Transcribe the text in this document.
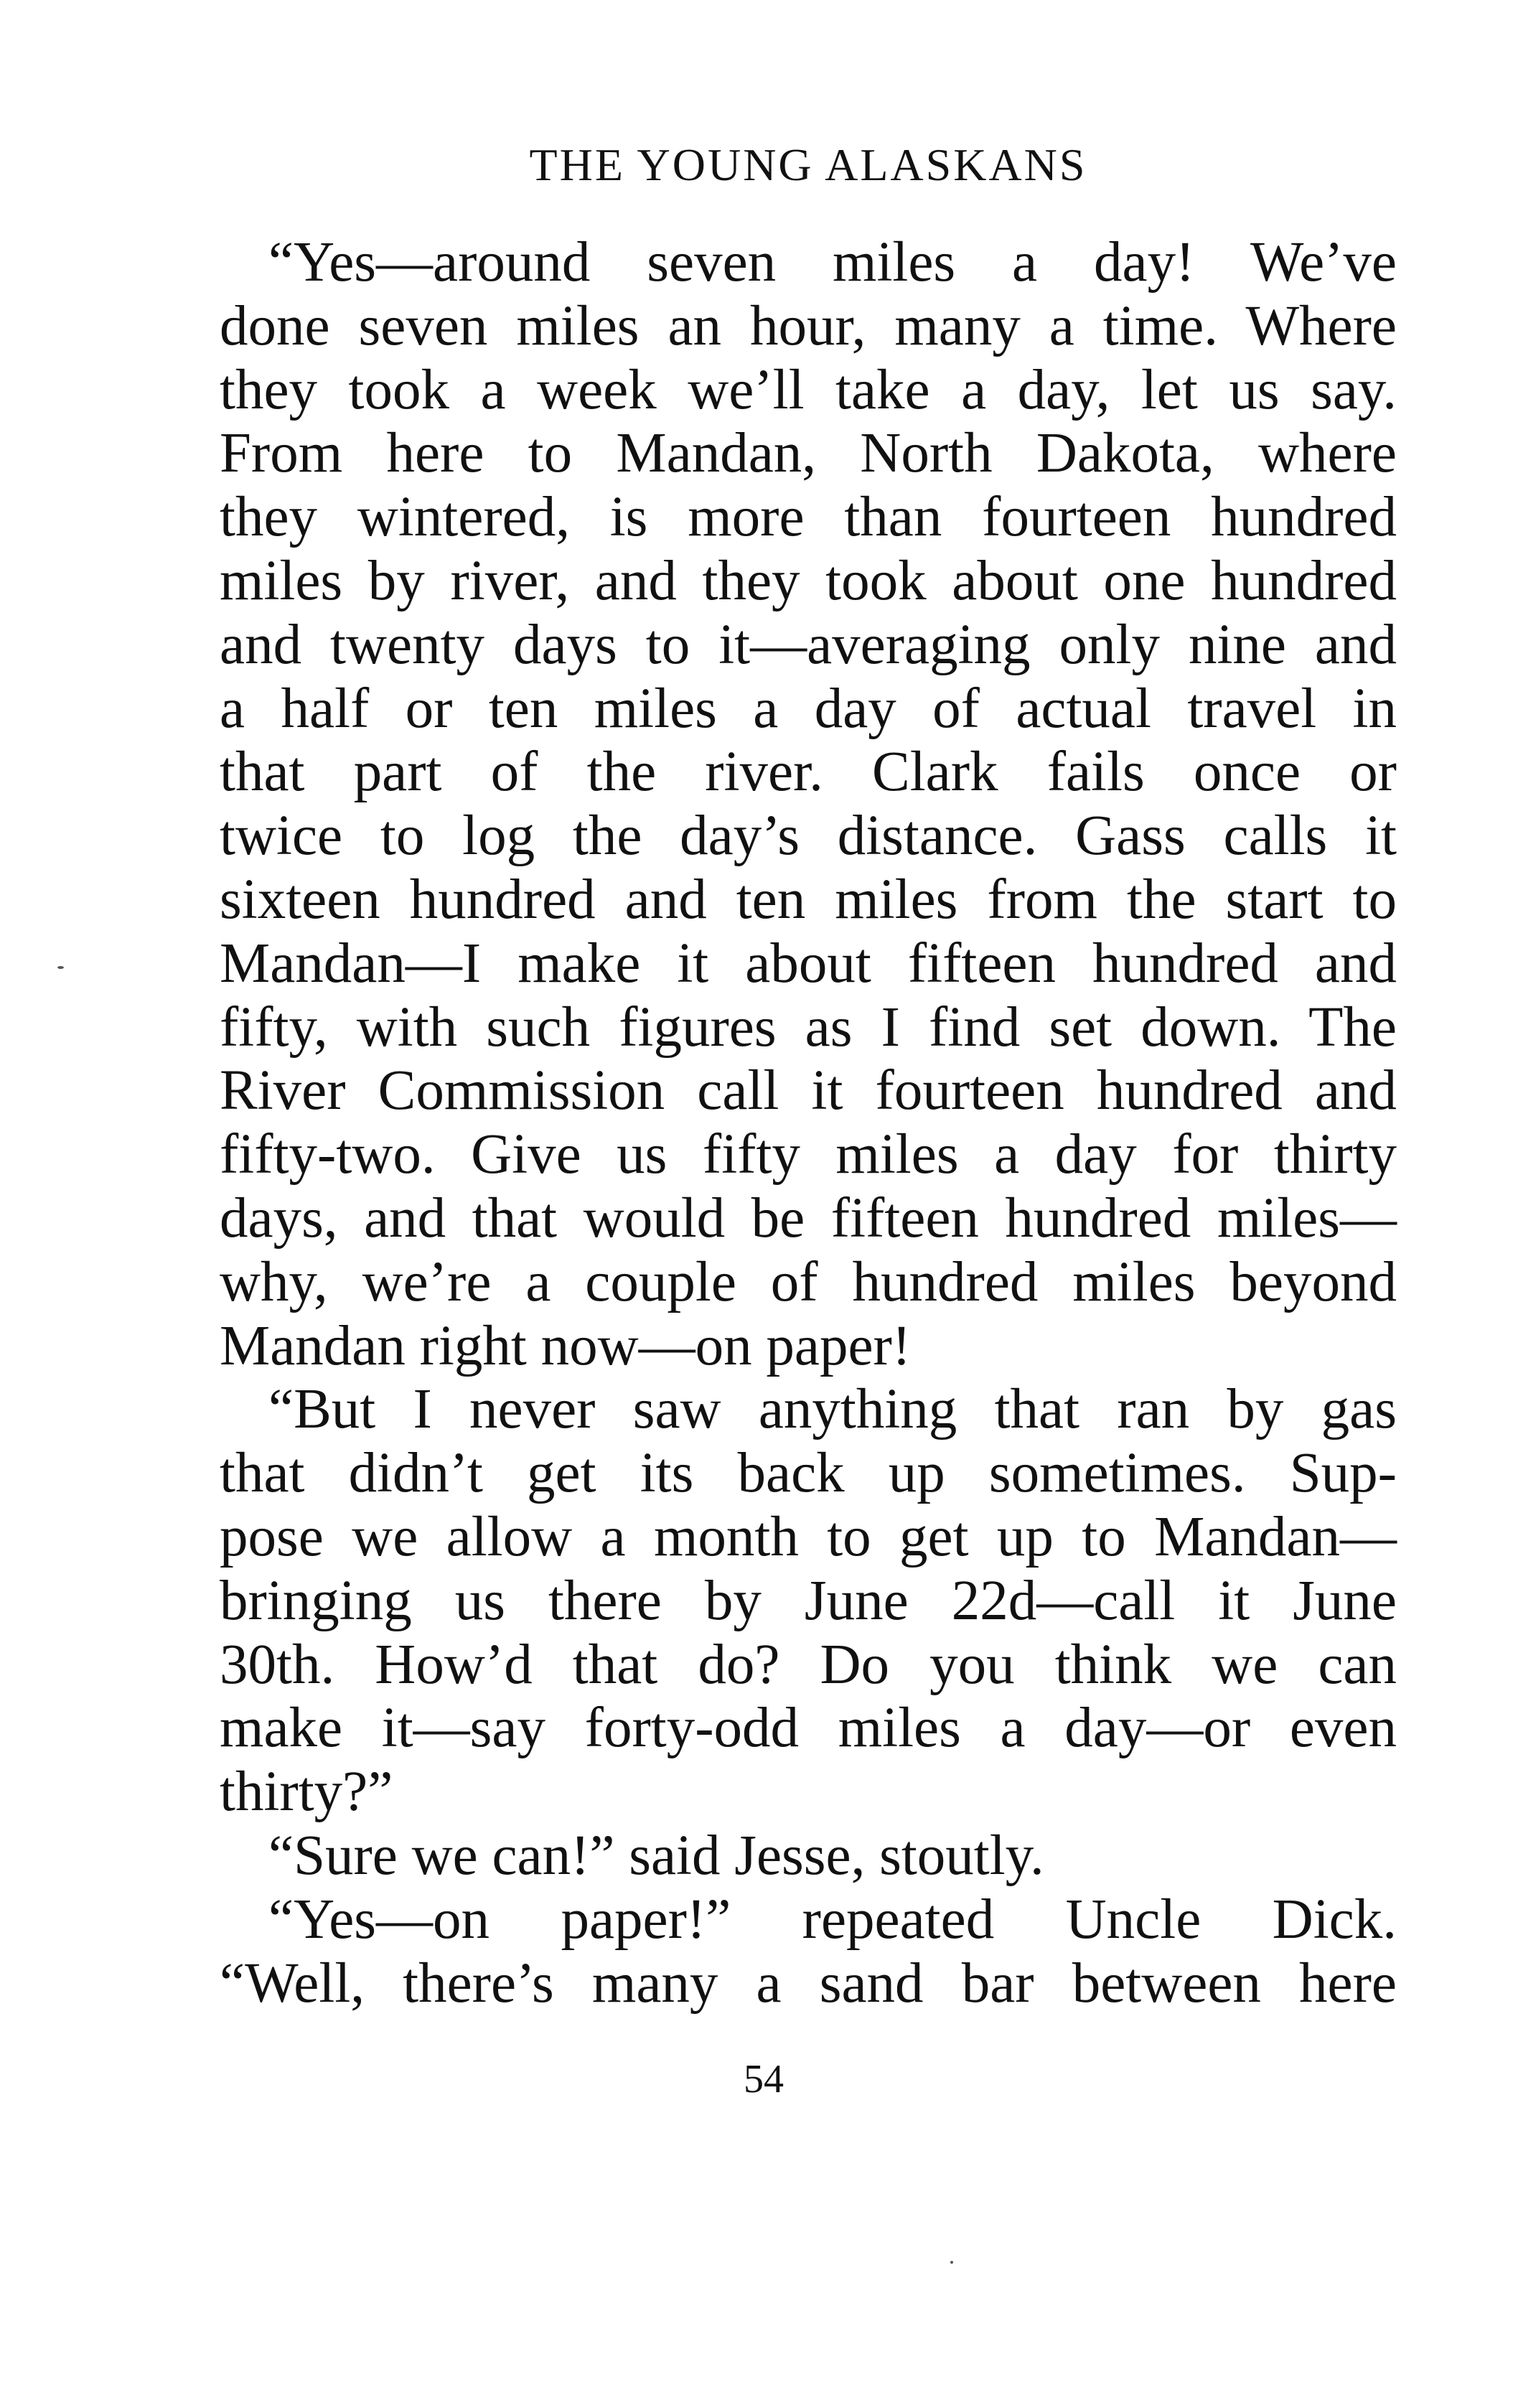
THE YOUNG ALASKANS
“Yes—around seven miles a day! We’ve
done seven miles an hour, many a time. Where
they took a week we’ll take a day, let us say.
From here to Mandan, North Dakota, where
they wintered, is more than fourteen hundred
miles by river, and they took about one hundred
and twenty days to it—averaging only nine and
a half or ten miles a day of actual travel in
that part of the river. Clark fails once or
twice to log the day’s distance. Gass calls it
sixteen hundred and ten miles from the start to
Mandan—I make it about fifteen hundred and
fifty, with such figures as I find set down. The
River Commission call it fourteen hundred and
fifty-two. Give us fifty miles a day for thirty
days, and that would be fifteen hundred miles—
why, we’re a couple of hundred miles beyond
Mandan right now—on paper!
“But I never saw anything that ran by gas
that didn’t get its back up sometimes. Sup-
pose we allow a month to get up to Mandan—
bringing us there by June 22d—call it June
30th. How’d that do? Do you think we can
make it—say forty-odd miles a day—or even
thirty?”
“Sure we can!” said Jesse, stoutly.
“Yes—on paper!” repeated Uncle Dick.
“Well, there’s many a sand bar between here
54
